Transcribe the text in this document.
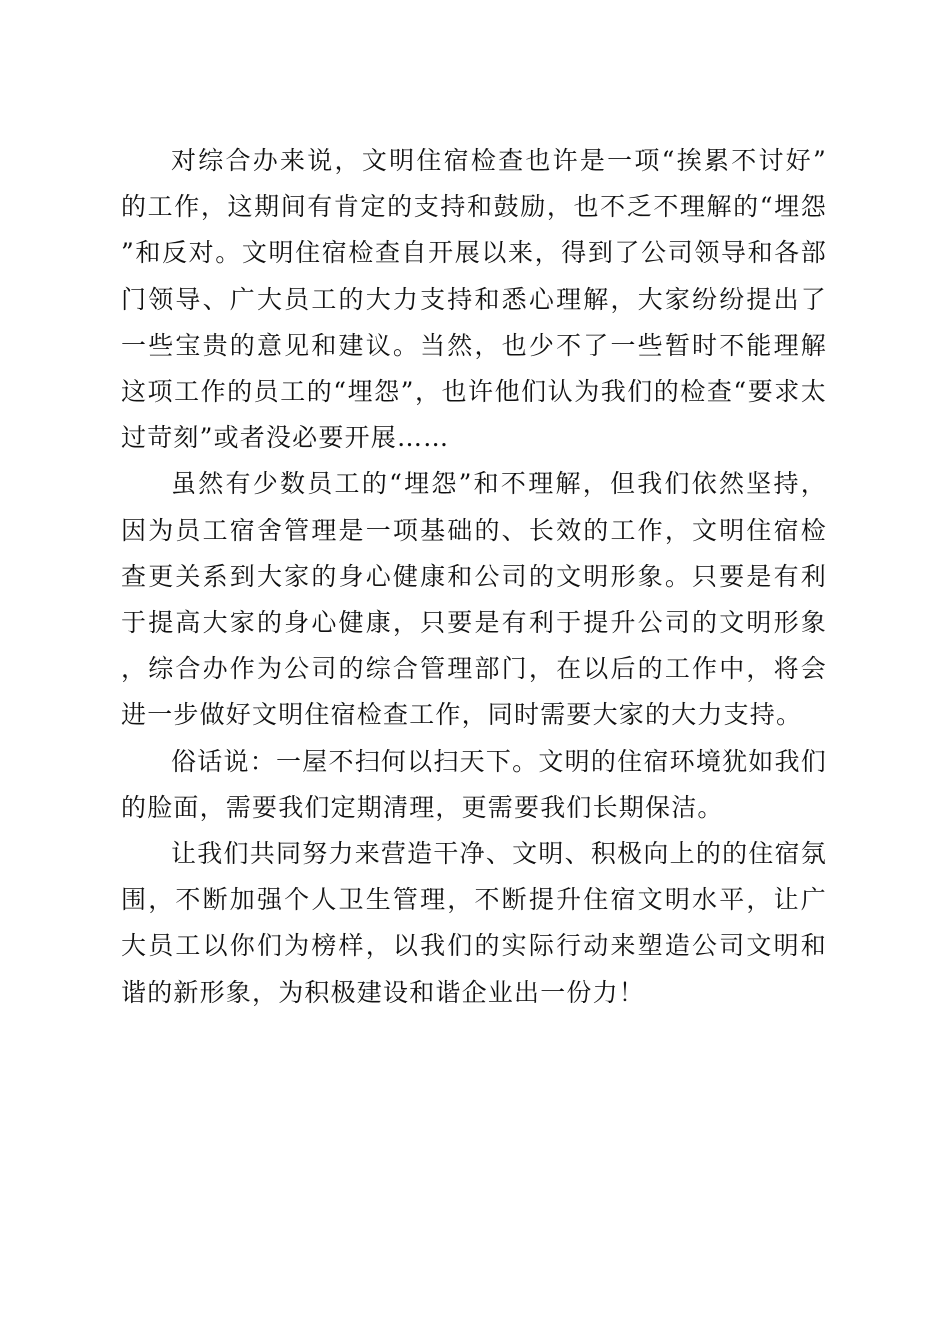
对综合办来说，文明住宿检查也许是一项“挨累不讨好”的工作，这期间有肯定的支持和鼓励，也不乏不理解的“埋怨”和反对。文明住宿检查自开展以来，得到了公司领导和各部门领导、广大员工的大力支持和悉心理解，大家纷纷提出了一些宝贵的意见和建议。当然，也少不了一些暂时不能理解这项工作的员工的“埋怨”，也许他们认为我们的检查“要求太过苛刻”或者没必要开展……

虽然有少数员工的“埋怨”和不理解，但我们依然坚持，因为员工宿舍管理是一项基础的、长效的工作，文明住宿检查更关系到大家的身心健康和公司的文明形象。只要是有利于提高大家的身心健康，只要是有利于提升公司的文明形象，综合办作为公司的综合管理部门，在以后的工作中，将会进一步做好文明住宿检查工作，同时需要大家的大力支持。

俗话说：一屋不扫何以扫天下。文明的住宿环境犹如我们的脸面，需要我们定期清理，更需要我们长期保洁。

让我们共同努力来营造干净、文明、积极向上的的住宿氛围，不断加强个人卫生管理，不断提升住宿文明水平，让广大员工以你们为榜样，以我们的实际行动来塑造公司文明和谐的新形象，为积极建设和谐企业出一份力！
